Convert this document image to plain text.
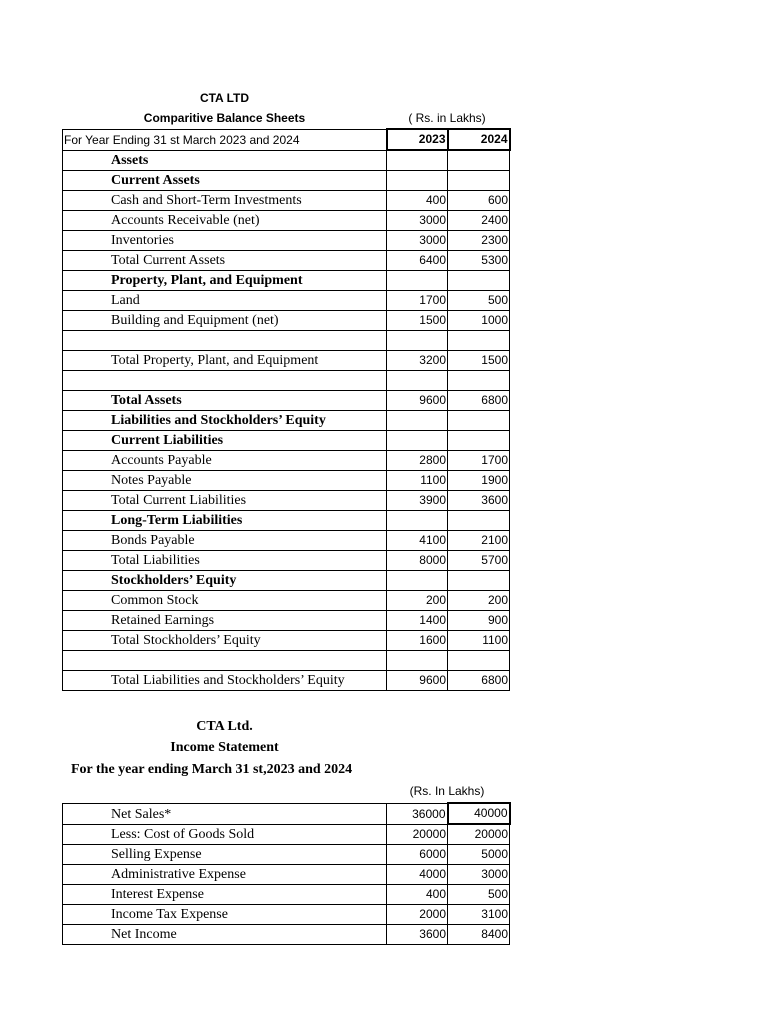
CTA LTD
Comparitive Balance Sheets	( Rs. in Lakhs)
For Year Ending 31 st March 2023 and 2024	2023	2024
Assets		
Current Assets		
Cash and Short-Term Investments	400	600
Accounts Receivable (net)	3000	2400
Inventories	3000	2300
Total Current Assets	6400	5300
Property, Plant, and Equipment		
Land	1700	500
Building and Equipment (net)	1500	1000

Total Property, Plant, and Equipment	3200	1500

Total Assets	9600	6800
Liabilities and Stockholders’ Equity		
Current Liabilities		
Accounts Payable	2800	1700
Notes Payable	1100	1900
Total Current Liabilities	3900	3600
Long-Term Liabilities		
Bonds Payable	4100	2100
Total Liabilities	8000	5700
Stockholders’ Equity		
Common Stock	200	200
Retained Earnings	1400	900
Total Stockholders’ Equity	1600	1100

Total Liabilities and Stockholders’ Equity	9600	6800
CTA Ltd.
Income Statement
For the year ending March 31 st,2023 and 2024
(Rs. In Lakhs)
Net Sales*	36000	40000
Less: Cost of Goods Sold	20000	20000
Selling Expense	6000	5000
Administrative Expense	4000	3000
Interest Expense	400	500
Income Tax Expense	2000	3100
Net Income	3600	8400
